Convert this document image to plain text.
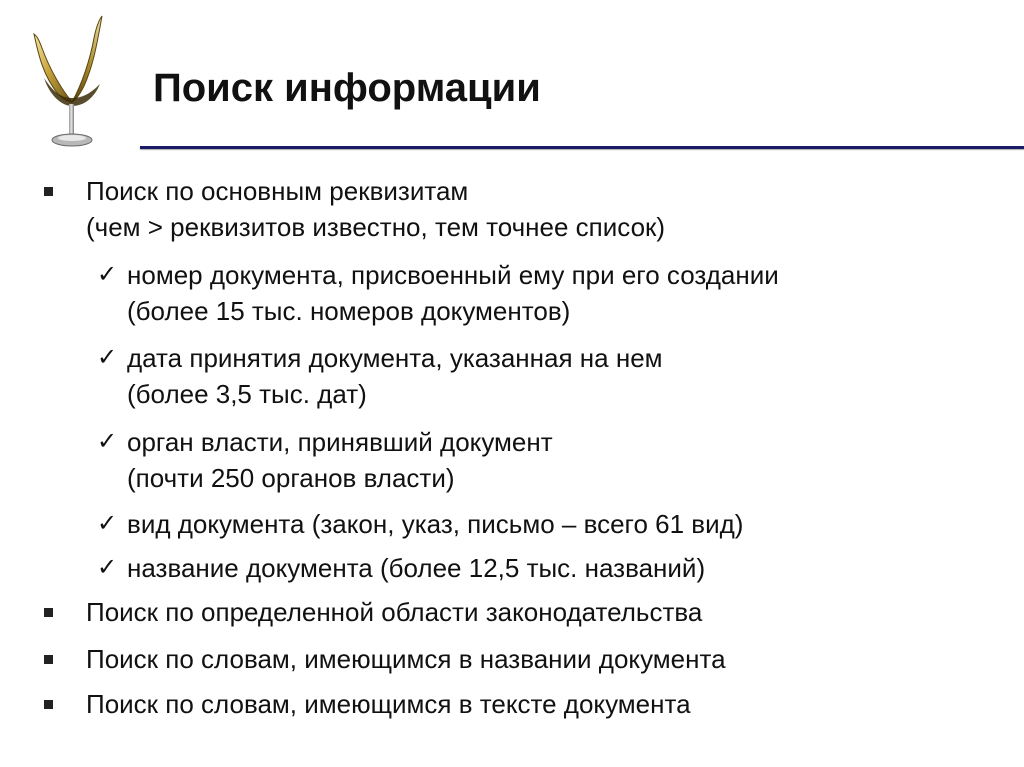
Поиск информации
Поиск по основным реквизитам
(чем > реквизитов известно, тем точнее список)
✓ номер документа, присвоенный ему при его создании
(более 15 тыс. номеров документов)
✓ дата принятия документа, указанная на нем
(более 3,5 тыс. дат)
✓ орган власти, принявший документ
(почти 250 органов власти)
✓ вид документа (закон, указ, письмо – всего 61 вид)
✓ название документа (более 12,5 тыс. названий)
Поиск по определенной области законодательства
Поиск по словам, имеющимся в названии документа
Поиск по словам, имеющимся в тексте документа
